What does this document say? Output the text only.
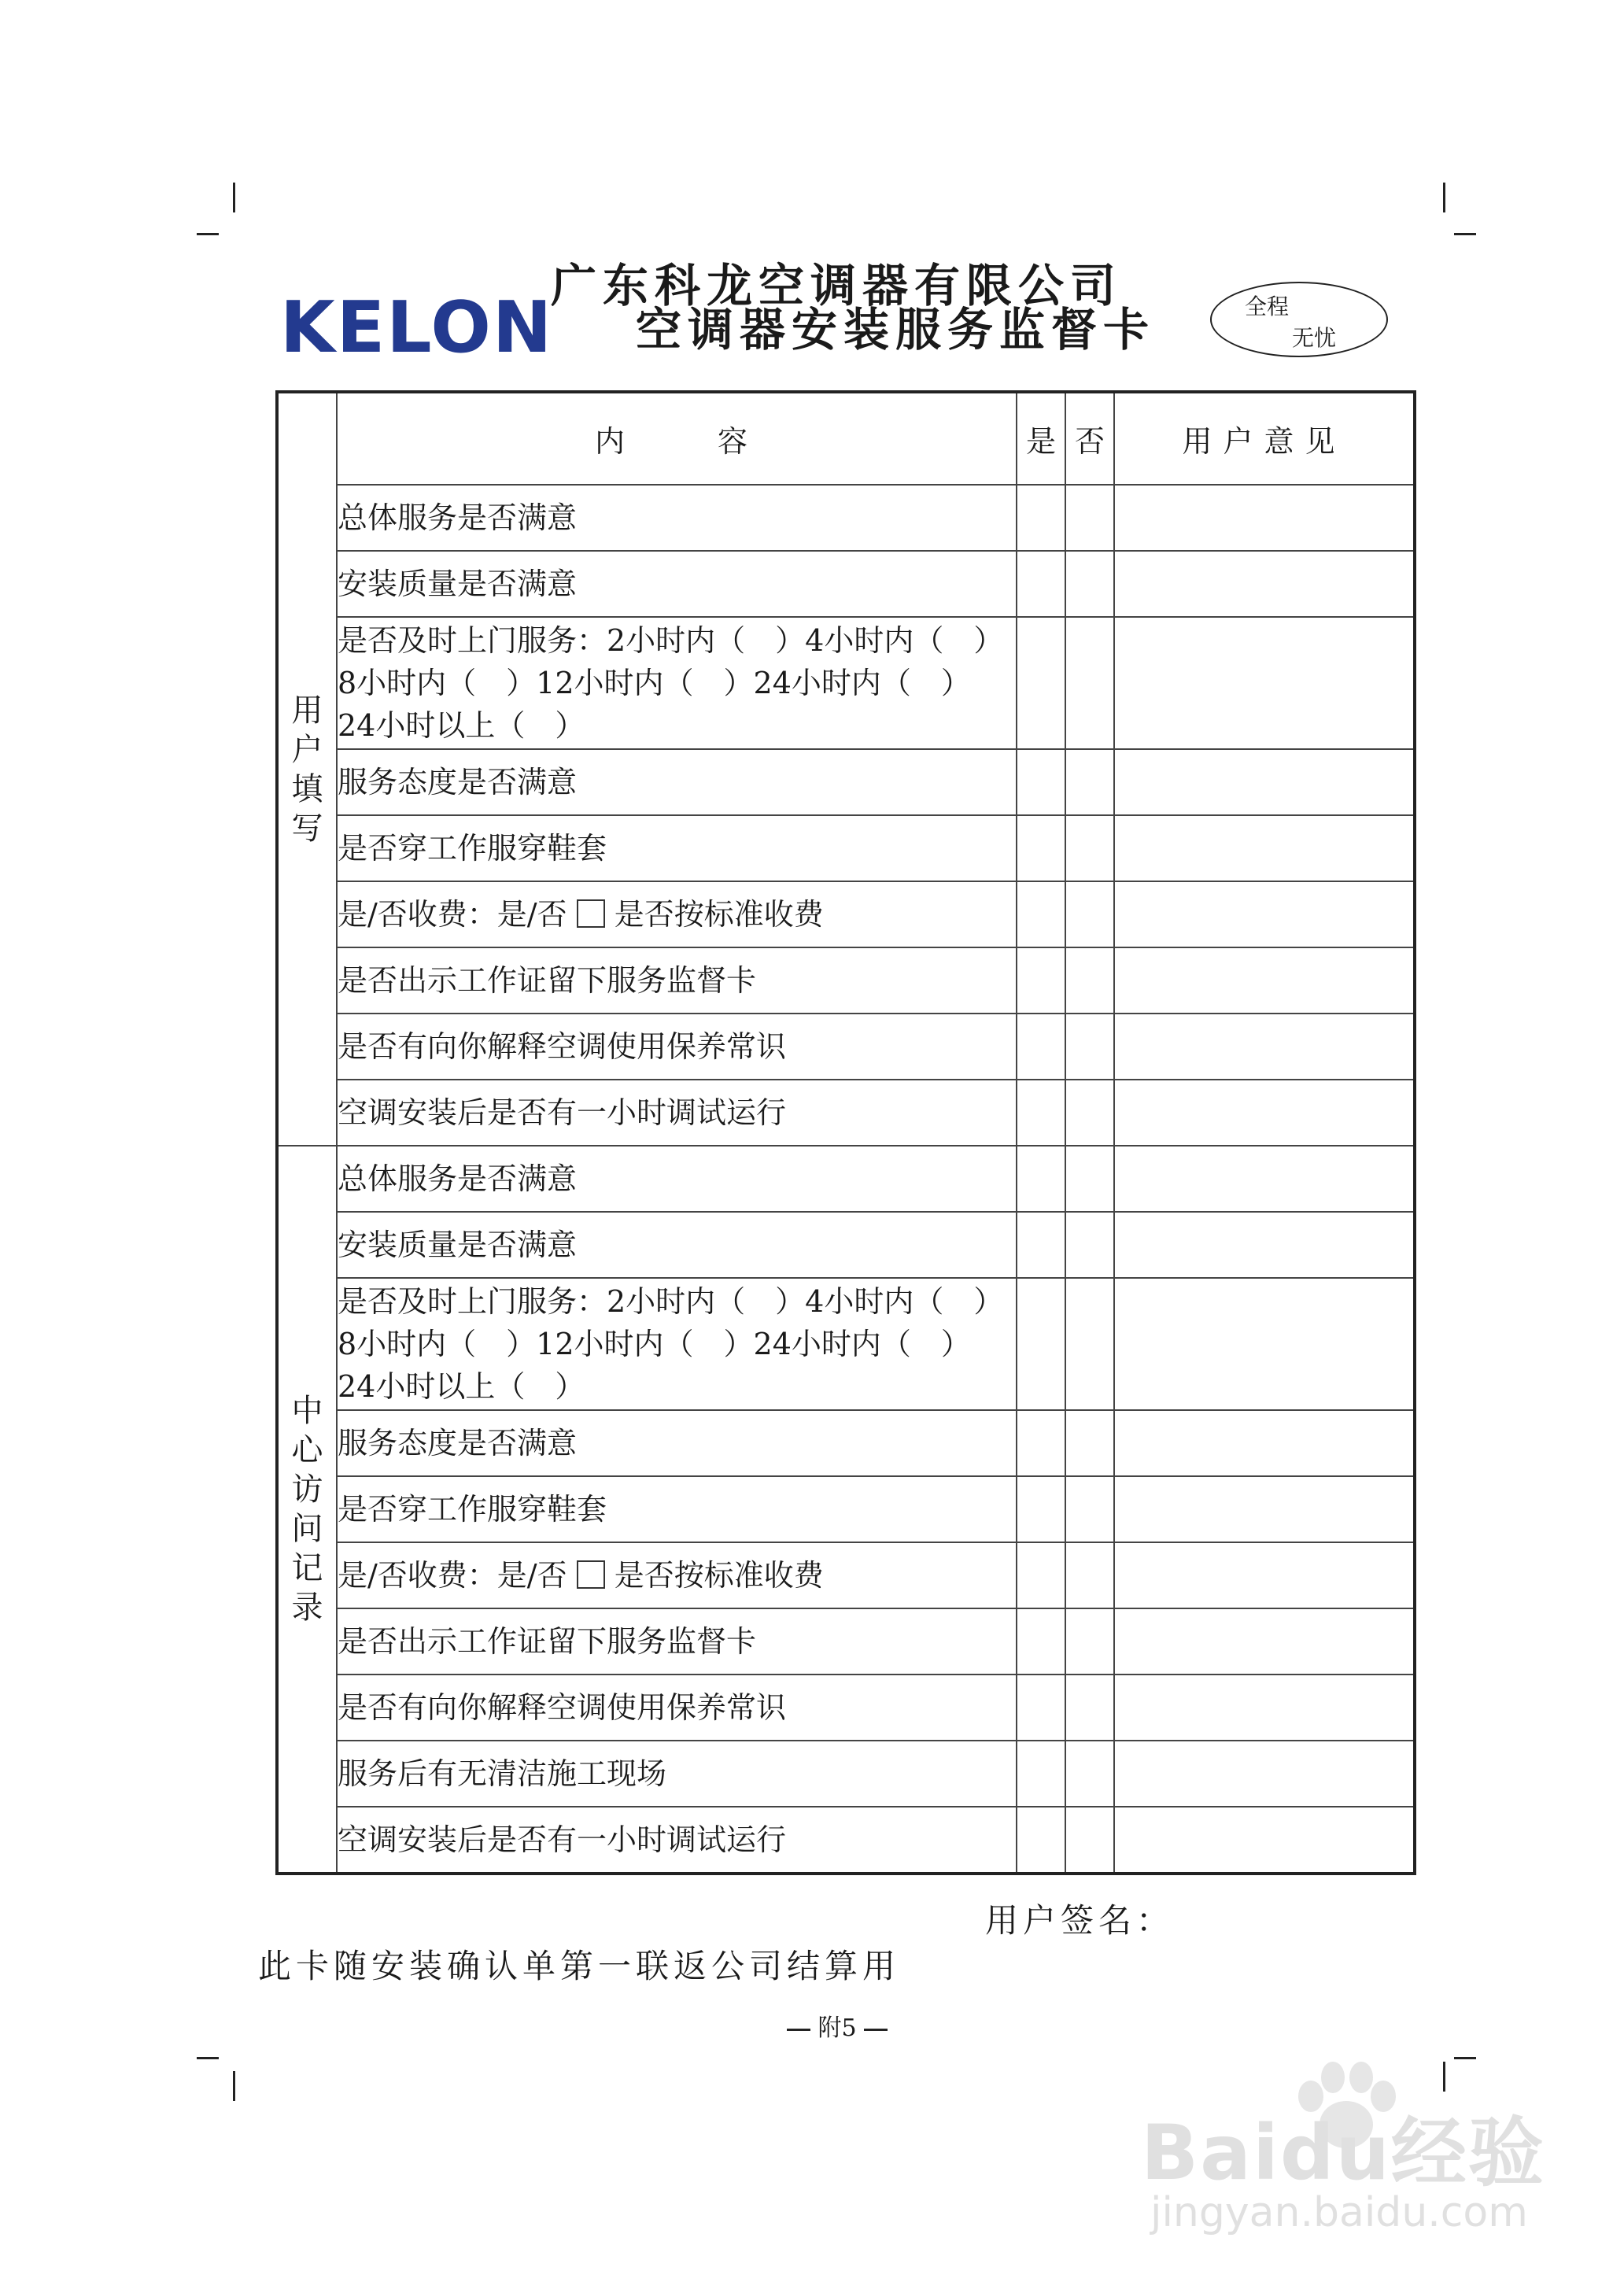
KELON
广东科龙空调器有限公司
空调器安装服务监督卡	全程
无忧
用户填写	内　　容	是	否	用户意见
	总体服务是否满意			
	安装质量是否满意			

	是否及时上门服务：2小时内（　）4小时内（　）
8小时内（　）12小时内（　）24小时内（　）
24小时以上（　）			

	服务态度是否满意			
	是否穿工作服穿鞋套			
	是/否收费：是/否 是否按标准收费			
	是否出示工作证留下服务监督卡			
	是否有向你解释空调使用保养常识			
	空调安装后是否有一小时调试运行			
中心访问记录	总体服务是否满意			
	安装质量是否满意			

	是否及时上门服务：2小时内（　）4小时内（　）
8小时内（　）12小时内（　）24小时内（　）
24小时以上（　）			

	服务态度是否满意			
	是否穿工作服穿鞋套			
	是/否收费：是/否 是否按标准收费			
	是否出示工作证留下服务监督卡			
	是否有向你解释空调使用保养常识			
	服务后有无清洁施工现场			
	空调安装后是否有一小时调试运行			
用户签名：
此卡随安装确认单第一联返公司结算用
附5
Baidu经验
jingyan.baidu.com
